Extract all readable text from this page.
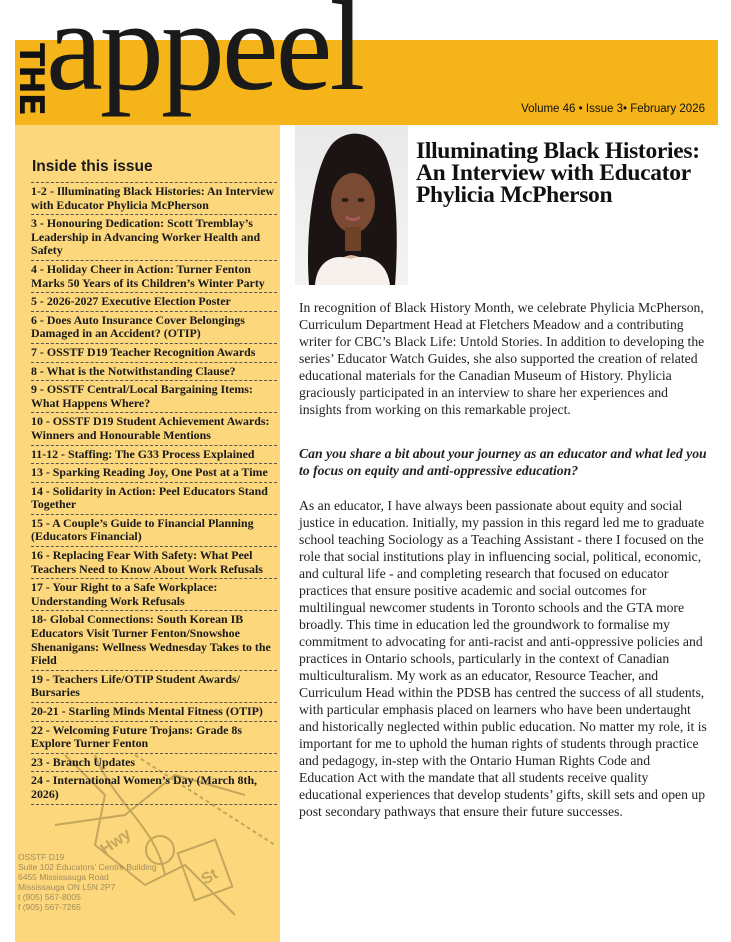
THE
appeel	Volume 46 • Issue 3• February 2026
Hwy
St
Inside this issue
1-2 - Illuminating Black Histories: An Interview with Educator Phylicia McPherson
3 - Honouring Dedication: Scott Tremblay’s Leadership in Advancing Worker Health and Safety
4 - Holiday Cheer in Action: Turner Fenton Marks 50 Years of its Children’s Winter Party
5 - 2026-2027 Executive Election Poster
6 - Does Auto Insurance Cover Belongings Damaged in an Accident? (OTIP)
7 - OSSTF D19 Teacher Recognition Awards
8 - What is the Notwithstanding Clause?
9 - OSSTF Central/Local Bargaining Items: What Happens Where?
10 - OSSTF D19 Student Achievement Awards: Winners and Honourable Mentions
11-12 - Staffing: The G33 Process Explained
13 - Sparking Reading Joy, One Post at a Time
14 - Solidarity in Action: Peel Educators Stand Together
15 - A Couple’s Guide to Financial Planning (Educators Financial)
16 - Replacing Fear With Safety: What Peel Teachers Need to Know About Work Refusals
17 - Your Right to a Safe Workplace: Understanding Work Refusals
18- Global Connections: South Korean IB Educators Visit Turner Fenton/Snowshoe Shenanigans: Wellness Wednesday Takes to the Field
19 - Teachers Life/OTIP Student Awards/ Bursaries
20-21 - Starling Minds Mental Fitness (OTIP)
22 - Welcoming Future Trojans: Grade 8s Explore Turner Fenton
23 - Branch Updates
24 - International Women’s Day (March 8th, 2026)
OSSTF D19
Suite 102 Educators’ Centre Building
6455 Mississauga Road
Mississauga ON L5N 2P7
t (905) 567-8005
f (905) 567-7265
Illuminating Black Histories: An Interview with Educator Phylicia McPherson

In recognition of Black History Month, we celebrate Phylicia McPherson, Curriculum Department Head at Fletchers Meadow and a contributing writer for CBC’s Black Life: Untold Stories. In addition to developing the series’ Educator Watch Guides, she also supported the creation of related educational materials for the Canadian Museum of History. Phylicia graciously participated in an interview to share her experiences and insights from working on this remarkable project.

Can you share a bit about your journey as an educator and what led you to focus on equity and anti-oppressive education?

As an educator, I have always been passionate about equity and social justice in education. Initially, my passion in this regard led me to graduate school teaching Sociology as a Teaching Assistant - there I focused on the role that social institutions play in influencing social, political, economic, and cultural life - and completing research that focused on educator practices that ensure positive academic and social outcomes for multilingual newcomer students in Toronto schools and the GTA more broadly. This time in education led the groundwork to formalise my commitment to advocating for anti-racist and anti-oppressive policies and practices in Ontario schools, particularly in the context of Canadian multiculturalism. My work as an educator, Resource Teacher, and Curriculum Head within the PDSB has centred the success of all students, with particular emphasis placed on learners who have been undertaught and historically neglected within public education. No matter my role, it is important for me to uphold the human rights of students through practice and pedagogy, in-step with the Ontario Human Rights Code and Education Act with the mandate that all students receive quality educational experiences that develop students’ gifts, skill sets and open up post secondary pathways that ensure their future successes.
